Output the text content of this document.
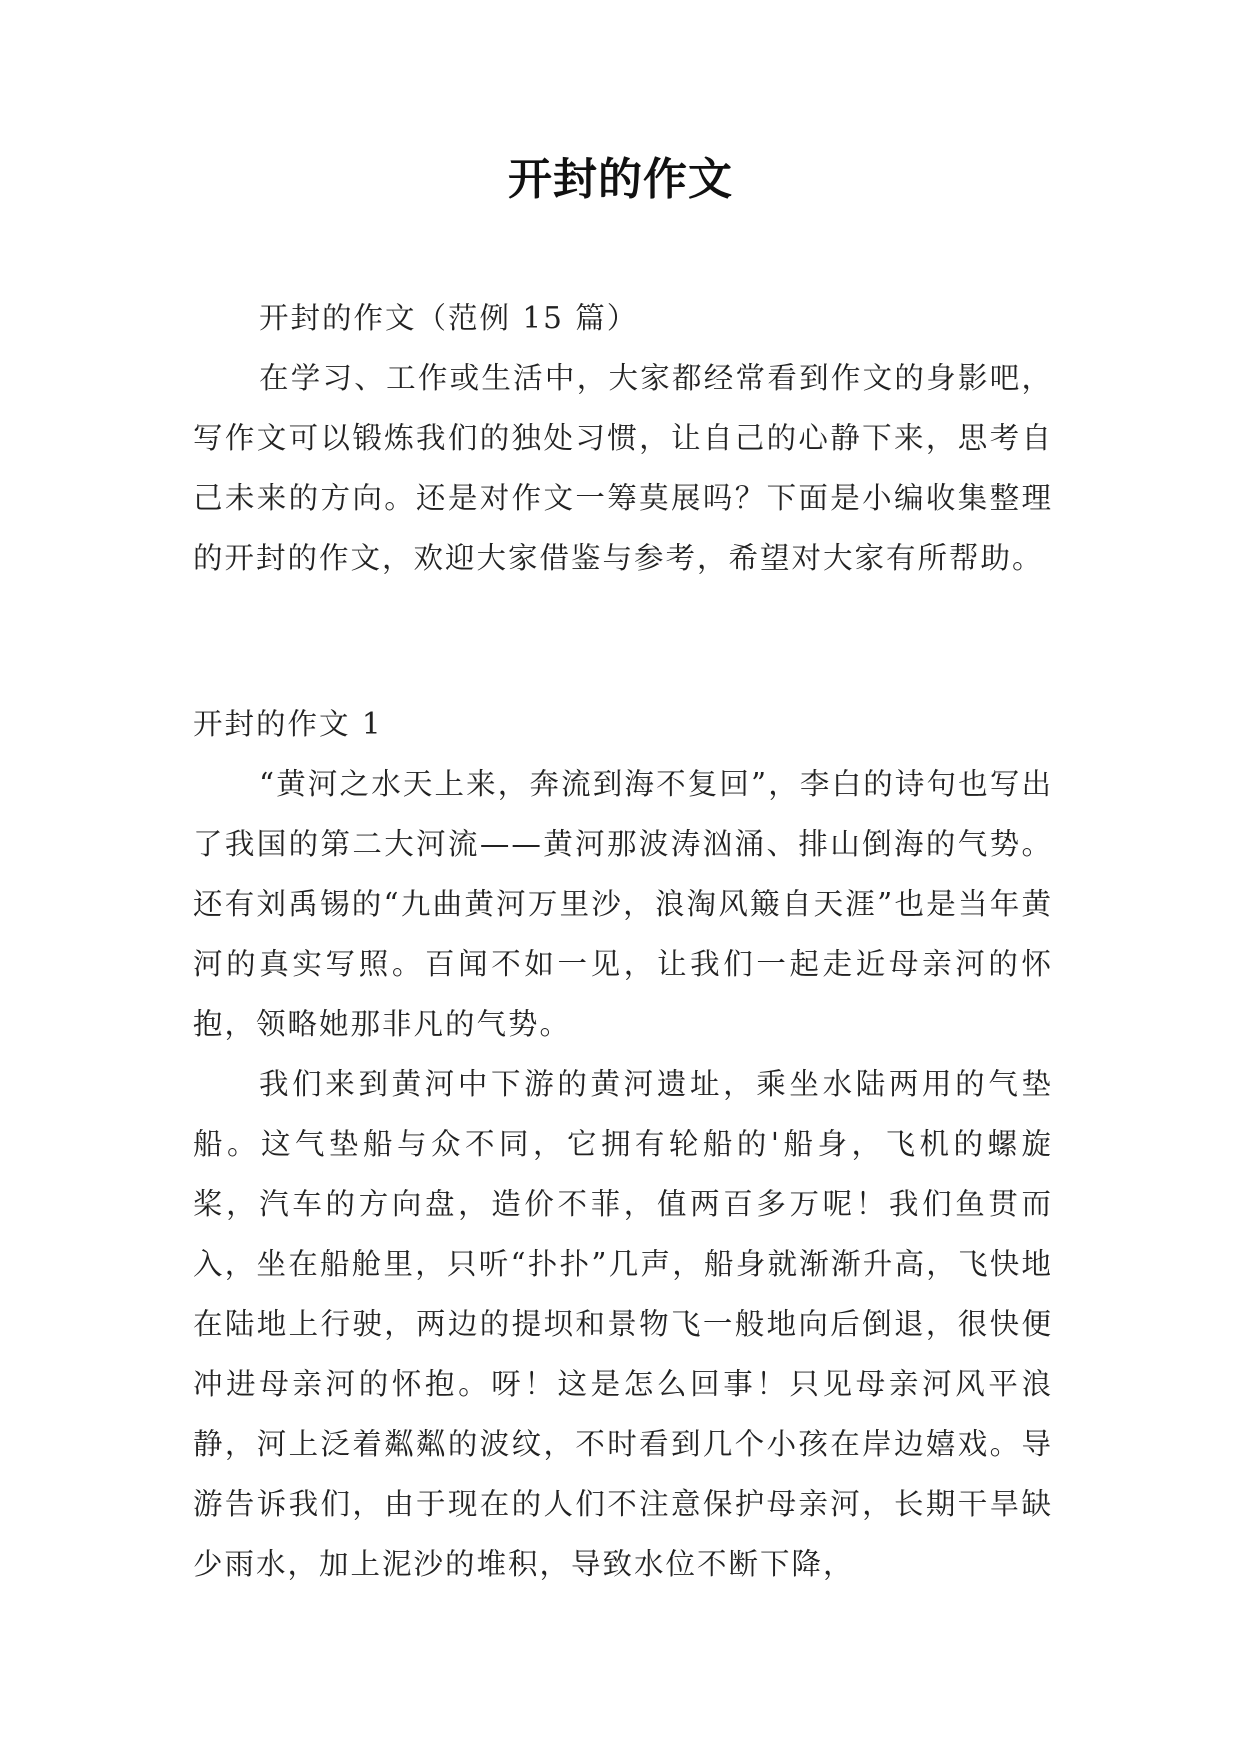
开封的作文

开封的作文（范例 15 篇）

在学习、工作或生活中，大家都经常看到作文的身影吧，写作文可以锻炼我们的独处习惯，让自己的心静下来，思考自己未来的方向。还是对作文一筹莫展吗？下面是小编收集整理的开封的作文，欢迎大家借鉴与参考，希望对大家有所帮助。

开封的作文 1

“黄河之水天上来，奔流到海不复回”，李白的诗句也写出了我国的第二大河流——黄河那波涛汹涌、排山倒海的气势。还有刘禹锡的“九曲黄河万里沙，浪淘风簸自天涯”也是当年黄河的真实写照。百闻不如一见，让我们一起走近母亲河的怀抱，领略她那非凡的气势。

我们来到黄河中下游的黄河遗址，乘坐水陆两用的气垫船。这气垫船与众不同，它拥有轮船的'船身，飞机的螺旋桨，汽车的方向盘，造价不菲，值两百多万呢！我们鱼贯而入，坐在船舱里，只听“扑扑”几声，船身就渐渐升高，飞快地在陆地上行驶，两边的提坝和景物飞一般地向后倒退，很快便冲进母亲河的怀抱。呀！这是怎么回事！只见母亲河风平浪静，河上泛着粼粼的波纹，不时看到几个小孩在岸边嬉戏。导游告诉我们，由于现在的人们不注意保护母亲河，长期干旱缺少雨水，加上泥沙的堆积，导致水位不断下降，
